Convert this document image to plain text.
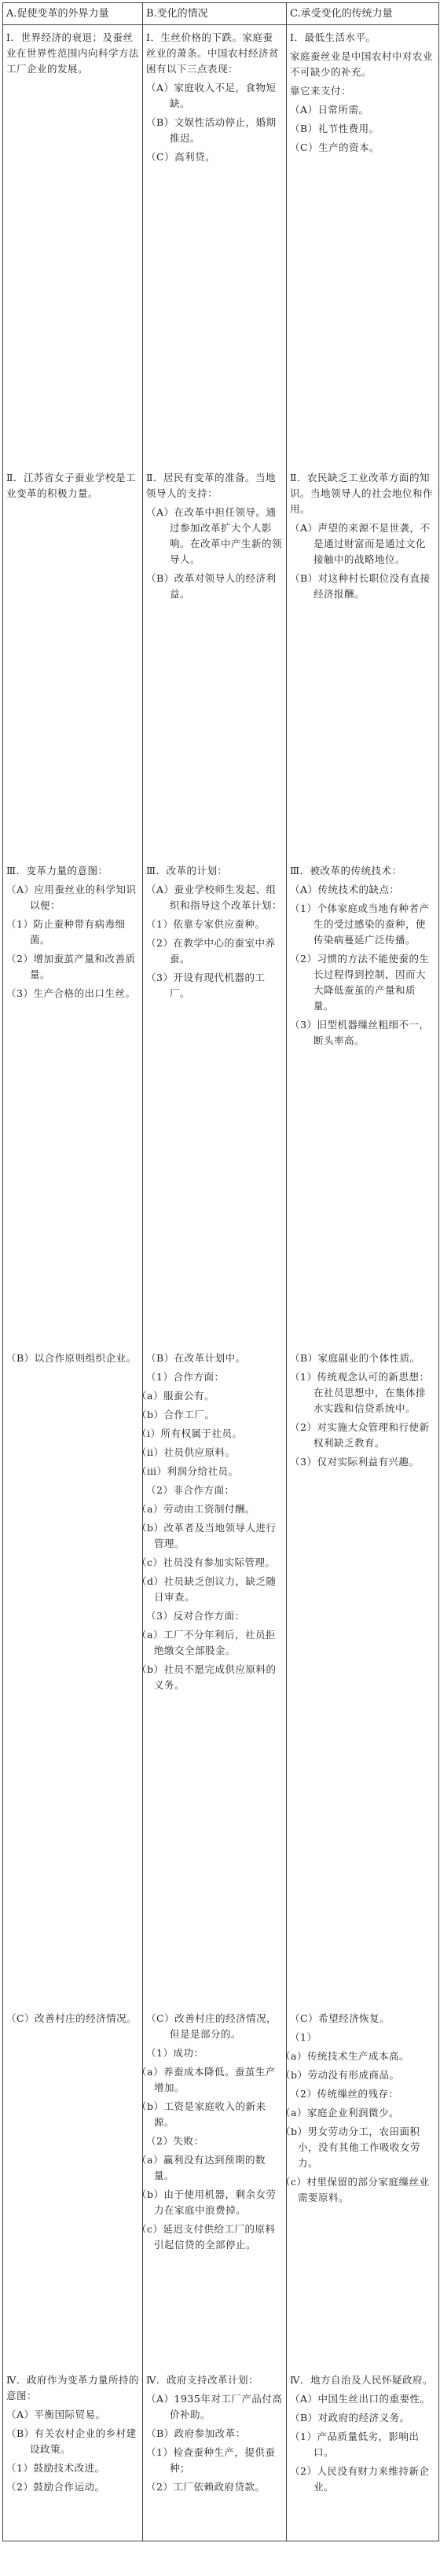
A.促使变革的外界力量	B.变化的情况	C.承受变化的传统力量

Ⅰ．世界经济的衰退；及蚕丝业在世界性范围内向科学方法工厂企业的发展。

Ⅰ．生丝价格的下跌。家庭蚕丝业的萧条。中国农村经济贫困有以下三点表现：

（A）家庭收入不足，食物短缺。

（B）文娱性活动停止，婚期推迟。

（C）高利贷。

Ⅰ．最低生活水平。

家庭蚕丝业是中国农村中对农业不可缺少的补充。

靠它来支付：

（A）日常所需。

（B）礼节性费用。

（C）生产的资本。

Ⅱ．江苏省女子蚕业学校是工业变革的积极力量。

Ⅱ．居民有变革的准备。当地领导人的支持：

（A）在改革中担任领导。通过参加改革扩大个人影响。在改革中产生新的领导人。

（B）改革对领导人的经济利益。

Ⅱ．农民缺乏工业改革方面的知识。当地领导人的社会地位和作用。

（A）声望的来源不是世袭，不是通过财富而是通过文化接触中的战略地位。

（B）对这种村长职位没有直接经济报酬。

Ⅲ．变革力量的意图：

（A）应用蚕丝业的科学知识以便：

（1）防止蚕种带有病毒细菌。

（2）增加蚕茧产量和改善质量。

（3）生产合格的出口生丝。

Ⅲ．改革的计划：

（A）蚕业学校师生发起、组织和指导这个改革计划：

（1）依靠专家供应蚕种。

（2）在教学中心的蚕室中养蚕。

（3）开设有现代机器的工厂。

Ⅲ．被改革的传统技术：

（A）传统技术的缺点：

（1）个体家庭或当地有种者产生的受过感染的蚕种，使传染病蔓延广泛传播。

（2）习惯的方法不能使蚕的生长过程得到控制，因而大大降低蚕茧的产量和质量。

（3）旧型机器缫丝粗细不一，断头率高。

（B）以合作原则组织企业。 （B）在改革计划中。

（1）合作方面：

（a）服蚕公有。

（b）合作工厂。

（ⅰ）所有权属于社员。

（ⅱ）社员供应原料。

（ⅲ）利润分给社员。

（2）非合作方面：

（a）劳动由工资制付酬。

（b）改革者及当地领导人进行管理。

（c）社员没有参加实际管理。

（d）社员缺乏创议力，缺乏随日审查。

（3）反对合作方面：

（a）工厂不分年利后，社员拒绝缴交全部股金。

（b）社员不愿完成供应原料的义务。

（B）家庭副业的个体性质。

（1）传统观念认可的新思想：在社员思想中，在集体排水实践和信贷系统中。

（2）对实施大众管理和行使新权利缺乏教育。

（3）仅对实际利益有兴趣。

（C）改善村庄的经济情况。 （C）改善村庄的经济情况，但是是部分的。

（1）成功：

（a）养蚕成本降低。蚕茧生产增加。

（b）工资是家庭收入的新来源。

（2）失败：

（a）赢利没有达到预期的数量。

（b）由于使用机器，剩余女劳力在家庭中浪费掉。

（c）延迟支付供给工厂的原料引起信贷的全部停止。

（C）希望经济恢复。

（1）

（a）传统技术生产成本高。

（b）劳动没有形成商品。

（2）传统缫丝的残存：

（a）家庭企业利润微少。

（b）男女劳动分工，农田面积小，没有其他工作吸收女劳力。

（c）村里保留的部分家庭缫丝业需要原料。

Ⅳ．政府作为变革力量所持的意图：

（A）平衡国际贸易。

（B）有关农村企业的乡村建设政策。

（1）鼓励技术改进。

（2）鼓励合作运动。

Ⅳ．政府支持改革计划：

（A）1935年对工厂产品付高价补助。

（B）政府参加改革：

（1）检查蚕种生产，提供蚕种；

（2）工厂依赖政府贷款。

Ⅳ．地方自治及人民怀疑政府。

（A）中国生丝出口的重要性。

（B）对政府的经济义务。

（1）产品质量低劣，影响出口。

（2）人民没有财力来维持新企业。
